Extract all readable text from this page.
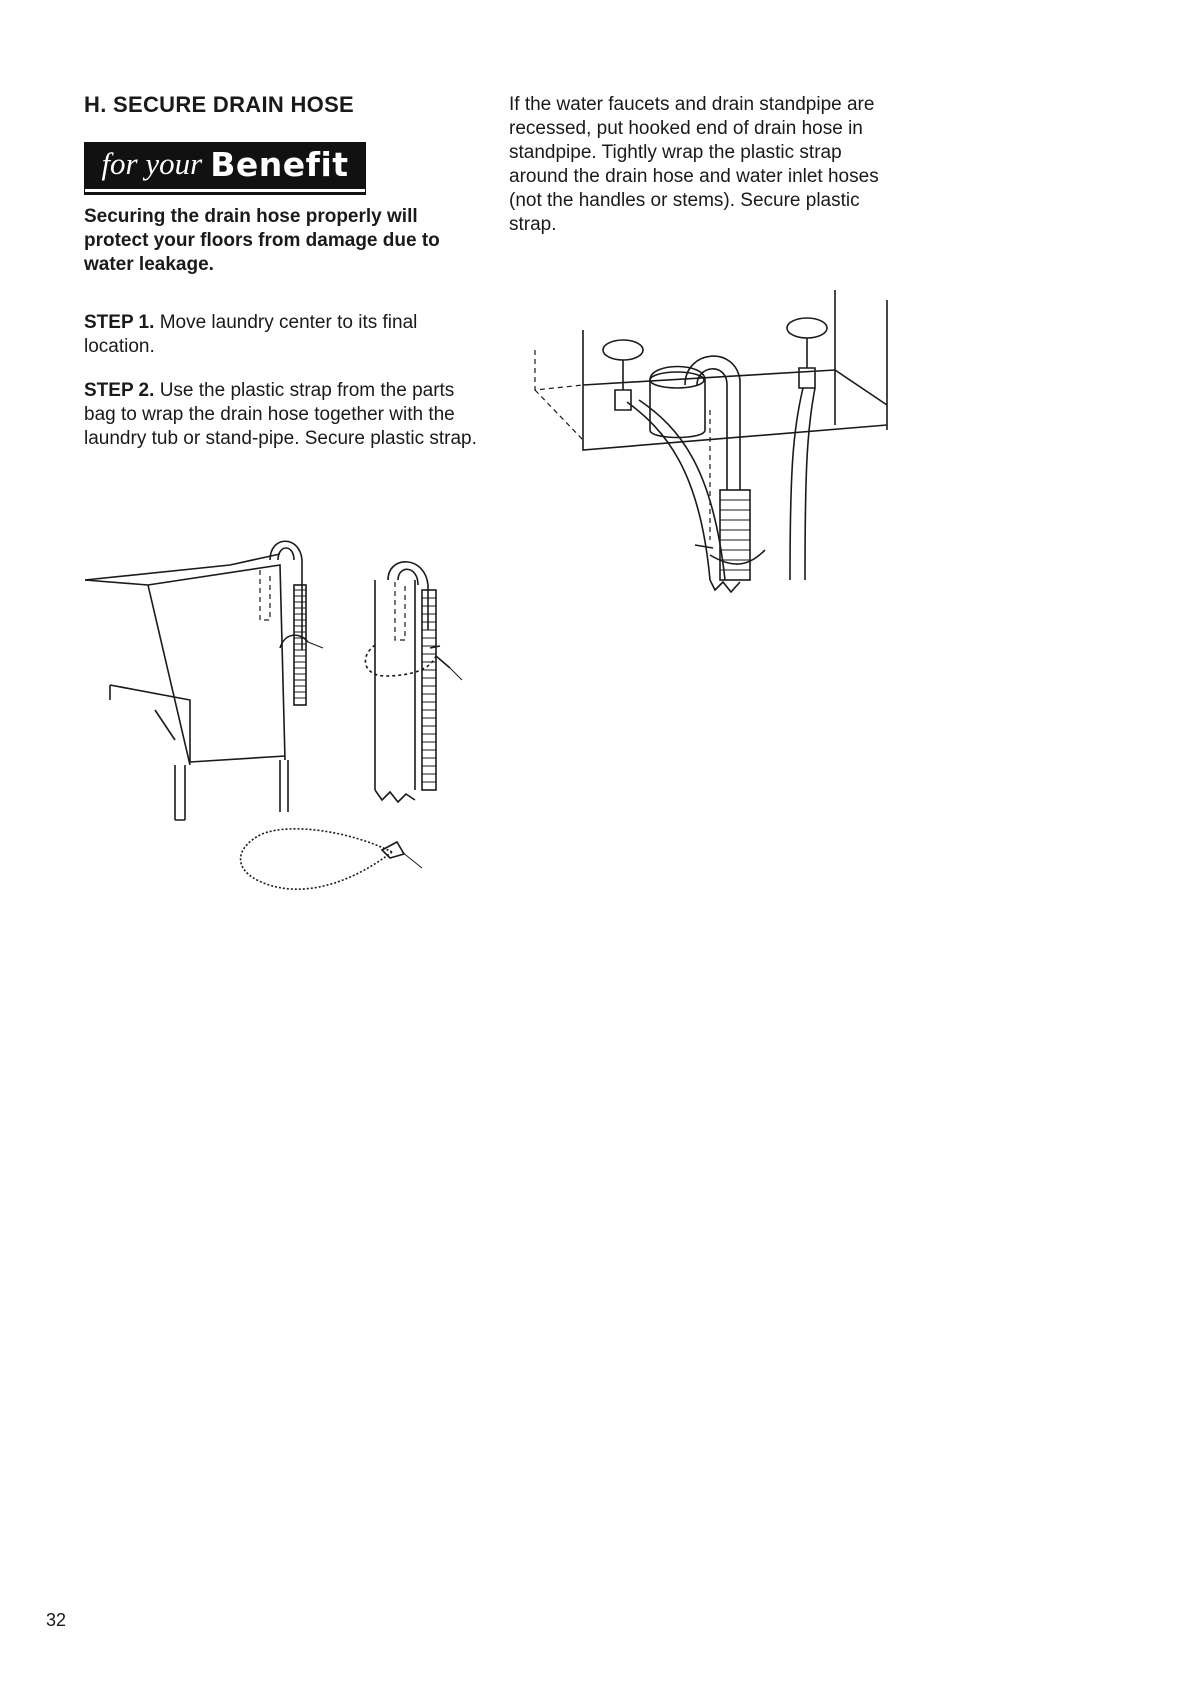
H. SECURE DRAIN HOSE
for your Benefit

Securing the drain hose properly will protect your floors from damage due to water leakage.

STEP 1. Move laundry center to its final location.

STEP 2. Use the plastic strap from the parts bag to wrap the drain hose together with the laundry tub or stand-pipe. Secure plastic strap.

If the water faucets and drain standpipe are recessed, put hooked end of drain hose in standpipe. Tightly wrap the plastic strap around the drain hose and water inlet hoses (not the handles or stems). Secure plastic strap.

32
